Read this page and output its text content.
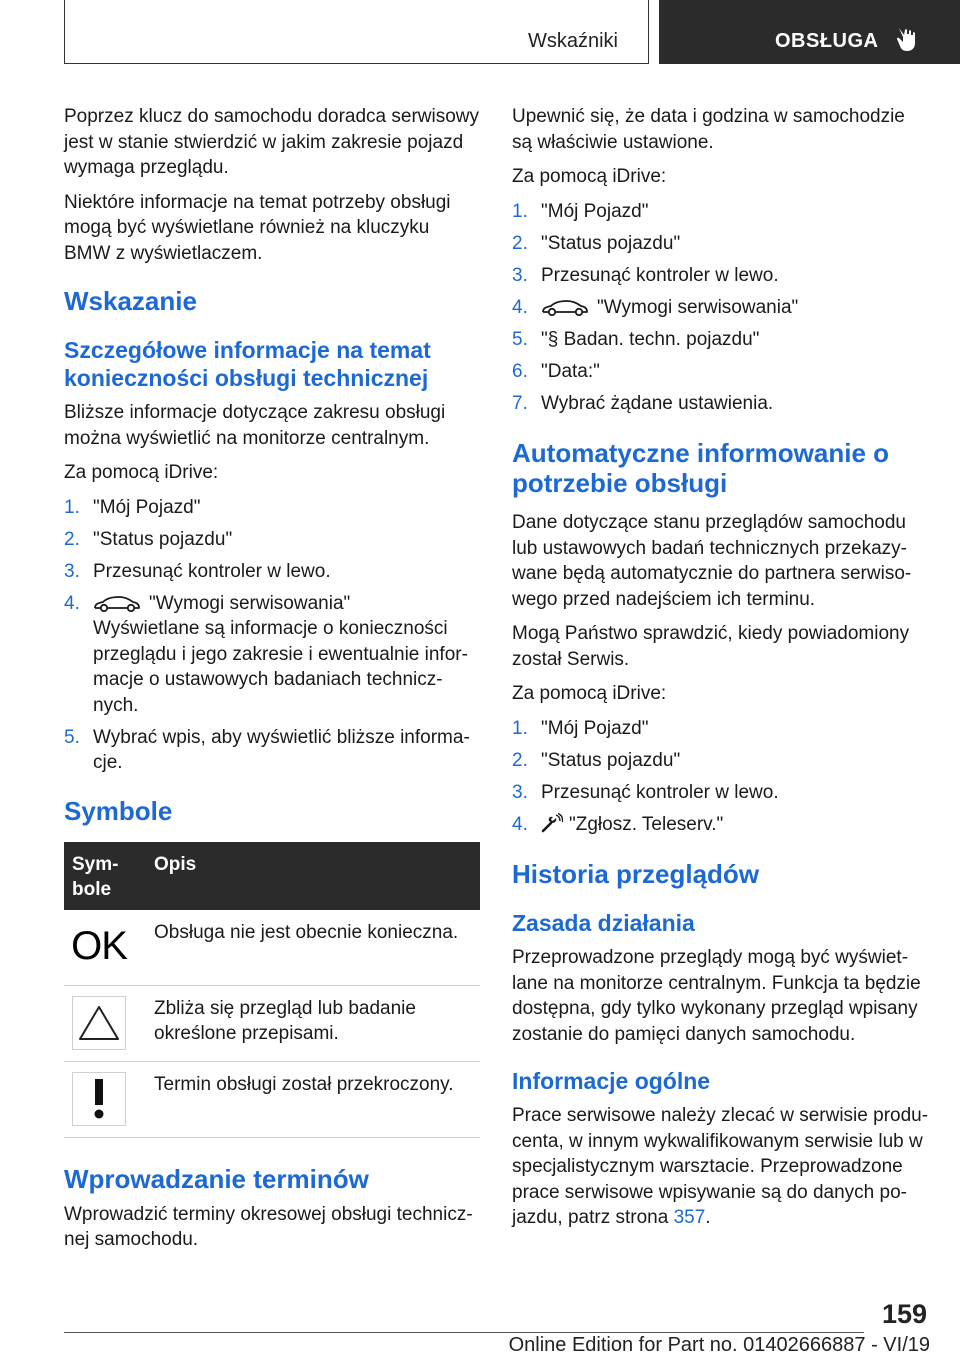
Wskaźniki	OBSŁUGA

Poprzez klucz do samochodu doradca serwisowy jest w stanie stwierdzić w jakim zakresie pojazd wymaga przeglądu.

Niektóre informacje na temat potrzeby obsługi mogą być wyświetlane również na kluczyku BMW z wyświetlaczem.

Wskazanie
Szczegółowe informacje na temat konieczności obsługi technicznej

Bliższe informacje dotyczące zakresu obsługi można wyświetlić na monitorze centralnym.

Za pomocą iDrive:

1. "Mój Pojazd"
2. "Status pojazdu"
3. Przesunąć kontroler w lewo.
4.	"Wymogi serwisowania"
Wyświetlane są informacje o konieczności przeglądu i jego zakresie i ewentualnie informacje o ustawowych badaniach technicznych.
5. Wybrać wpis, aby wyświetlić bliższe informacje.
Symbole
Symbole	Opis

OK	Obsługa nie jest obecnie konieczna.

	Zbliża się przegląd lub badanie określone przepisami.

	Termin obsługi został przekroczony.
Wprowadzanie terminów

Wprowadzić terminy okresowej obsługi technicznej samochodu.

Upewnić się, że data i godzina w samochodzie są właściwie ustawione.

Za pomocą iDrive:

1. "Mój Pojazd"
2. "Status pojazdu"
3. Przesunąć kontroler w lewo.
4.	"Wymogi serwisowania"
5. "§ Badan. techn. pojazdu"
6. "Data:"
7. Wybrać żądane ustawienia.
Automatyczne informowanie o potrzebie obsługi

Dane dotyczące stanu przeglądów samochodu lub ustawowych badań technicznych przekazywane będą automatycznie do partnera serwisowego przed nadejściem ich terminu.

Mogą Państwo sprawdzić, kiedy powiadomiony został Serwis.

Za pomocą iDrive:

1. "Mój Pojazd"
2. "Status pojazdu"
3. Przesunąć kontroler w lewo.
4. "Zgłosz. Teleserv."
Historia przeglądów
Zasada działania

Przeprowadzone przeglądy mogą być wyświetlane na monitorze centralnym. Funkcja ta będzie dostępna, gdy tylko wykonany przegląd wpisany zostanie do pamięci danych samochodu.

Informacje ogólne

Prace serwisowe należy zlecać w serwisie producenta, w innym wykwalifikowanym serwisie lub w specjalistycznym warsztacie. Przeprowadzone prace serwisowe wpisywanie są do danych pojazdu, patrz strona 357.

159
Online Edition for Part no. 01402666887 - VI/19
